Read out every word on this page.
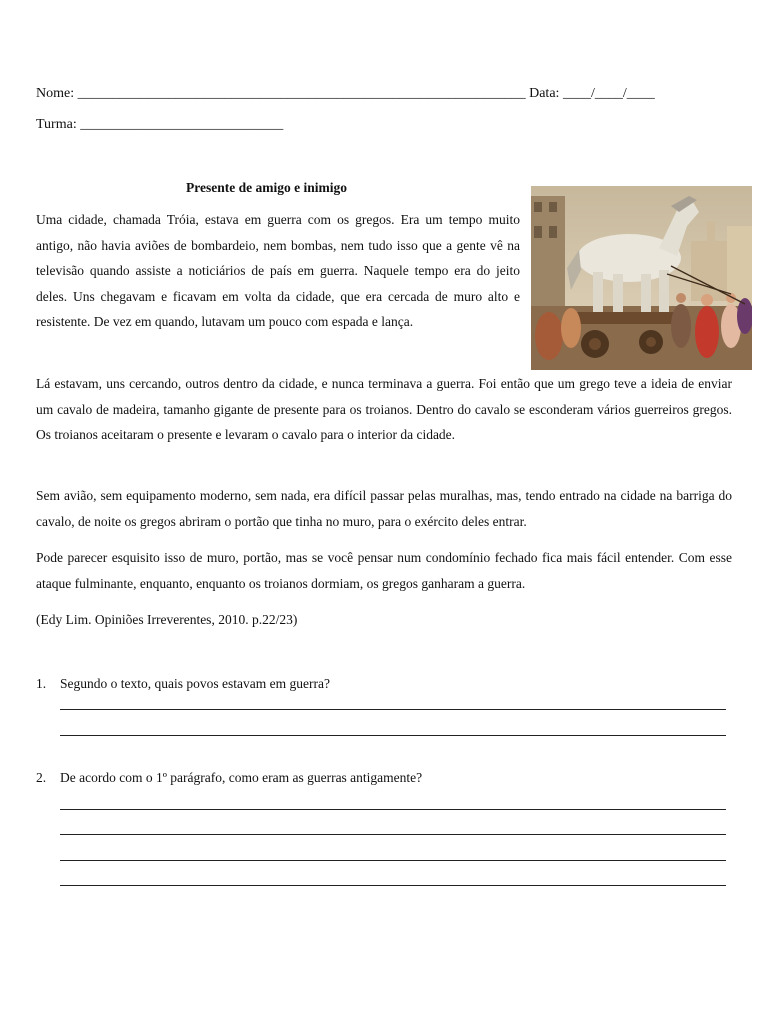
Nome: ________________________________________________________________ Data: ____/____/____
Turma: _____________________________
Presente de amigo e inimigo

Uma cidade, chamada Tróia, estava em guerra com os gregos. Era um tempo muito antigo, não havia aviões de bombardeio, nem bombas, nem tudo isso que a gente vê na televisão quando assiste a noticiários de país em guerra. Naquele tempo era do jeito deles. Uns chegavam e ficavam em volta da cidade, que era cercada de muro alto e resistente. De vez em quando, lutavam um pouco com espada e lança.

Lá estavam, uns cercando, outros dentro da cidade, e nunca terminava a guerra. Foi então que um grego teve a ideia de enviar um cavalo de madeira, tamanho gigante de presente para os troianos. Dentro do cavalo se esconderam vários guerreiros gregos. Os troianos aceitaram o presente e levaram o cavalo para o interior da cidade.

Sem avião, sem equipamento moderno, sem nada, era difícil passar pelas muralhas, mas, tendo entrado na cidade na barriga do cavalo, de noite os gregos abriram o portão que tinha no muro, para o exército deles entrar.

Pode parecer esquisito isso de muro, portão, mas se você pensar num condomínio fechado fica mais fácil entender. Com esse ataque fulminante, enquanto, enquanto os troianos dormiam, os gregos ganharam a guerra.

(Edy Lim. Opiniões Irreverentes, 2010. p.22/23)
1. Segundo o texto, quais povos estavam em guerra?
2. De acordo com o 1º parágrafo, como eram as guerras antigamente?
